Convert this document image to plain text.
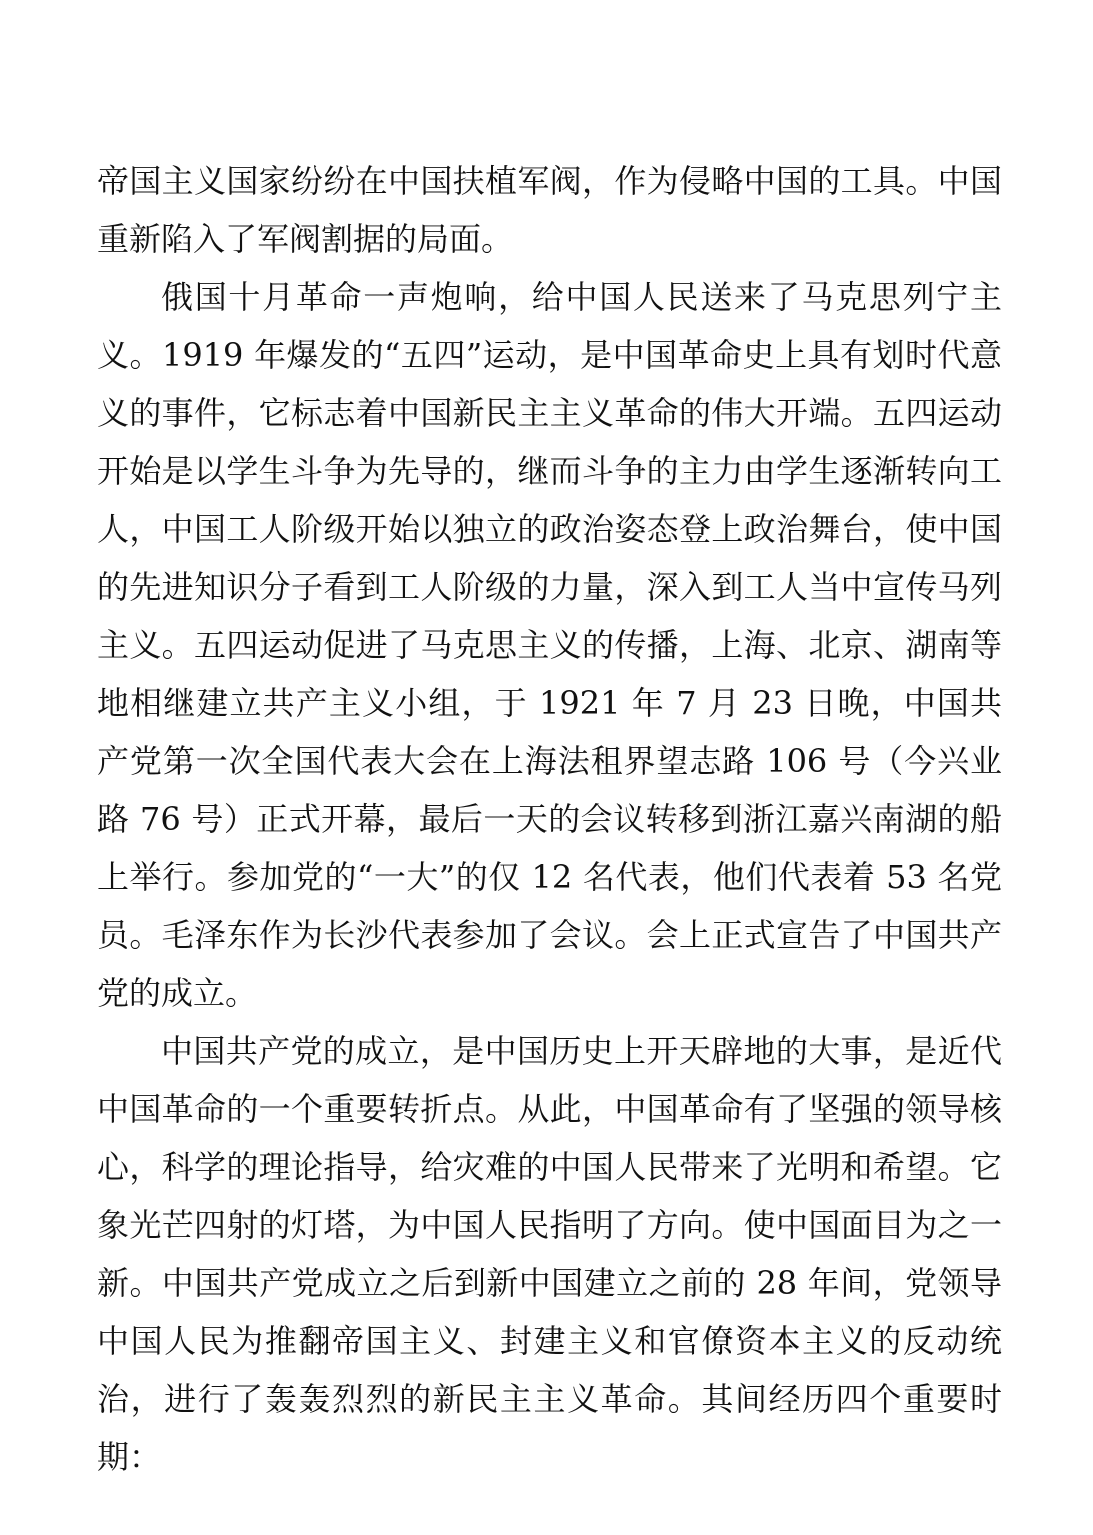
帝国主义国家纷纷在中国扶植军阀，作为侵略中国的工具。中国重新陷入了军阀割据的局面。

俄国十月革命一声炮响，给中国人民送来了马克思列宁主义。1919 年爆发的“五四”运动，是中国革命史上具有划时代意义的事件，它标志着中国新民主主义革命的伟大开端。五四运动开始是以学生斗争为先导的，继而斗争的主力由学生逐渐转向工人，中国工人阶级开始以独立的政治姿态登上政治舞台，使中国的先进知识分子看到工人阶级的力量，深入到工人当中宣传马列主义。五四运动促进了马克思主义的传播，上海、北京、湖南等地相继建立共产主义小组，于 1921 年 7 月 23 日晚，中国共产党第一次全国代表大会在上海法租界望志路 106 号（今兴业路 76 号）正式开幕，最后一天的会议转移到浙江嘉兴南湖的船上举行。参加党的“一大”的仅 12 名代表，他们代表着 53 名党员。毛泽东作为长沙代表参加了会议。会上正式宣告了中国共产党的成立。

中国共产党的成立，是中国历史上开天辟地的大事，是近代中国革命的一个重要转折点。从此，中国革命有了坚强的领导核心，科学的理论指导，给灾难的中国人民带来了光明和希望。它象光芒四射的灯塔，为中国人民指明了方向。使中国面目为之一新。中国共产党成立之后到新中国建立之前的 28 年间，党领导中国人民为推翻帝国主义、封建主义和官僚资本主义的反动统治，进行了轰轰烈烈的新民主主义革命。其间经历四个重要时期：
